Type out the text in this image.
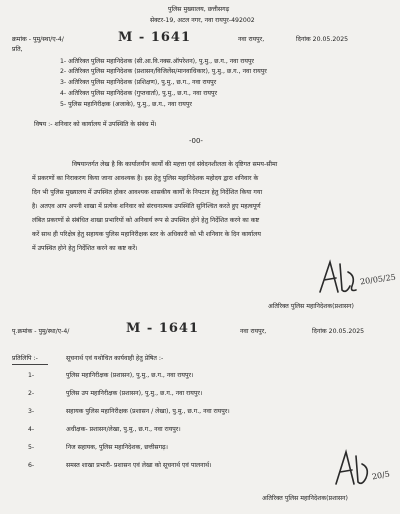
पुलिस मुख्यालय, छत्तीसगढ़
सेक्टर-19, अटल नगर, नवा रायपुर-492002
क्रमांक - पुमु/स्था/ए-4/	M - 1641	नवा रायपुर,	दिनांक 20.05.2025
प्रति,
1- अतिरिक्त पुलिस महानिदेशक (सी.आ.वि.नक्स.ऑपरेशन), पु.मु., छ.ग., नवा रायपुर
2- अतिरिक्त पुलिस महानिदेशक (प्रशासन/विजिलेंस/मानवाधिकार), पु.मु., छ.ग., नवा रायपुर
3- अतिरिक्त पुलिस महानिदेशक (प्रशिक्षण), पु.मु., छ.ग., नवा रायपुर
4- अतिरिक्त पुलिस महानिदेशक (गुप्तवार्ता), पु.मु., छ.ग., नवा रायपुर
5- पुलिस महानिरीक्षक (अजाके), पु.मु., छ.ग., नवा रायपुर
विषय :- शनिवार को कार्यालय में उपस्थिति के संबंध में।
-00-
विषयान्तर्गत लेख है कि कार्यालयीन कार्यों की महत्ता एवं संवेदनशीलता के दृष्टिगत समय-सीमा
में प्रकरणों का निराकरण किया जाना आवश्यक है। इस हेतु पुलिस महानिदेशक महोदय द्वारा शनिवार के
दिन भी पुलिस मुख्यालय में उपस्थित होकर आवश्यक शासकीय कार्यों के निपटान हेतु निर्देशित किया गया
है। अतएव आप अपनी शाखा में प्रत्येक शनिवार को संरचनात्मक उपस्थिति सुनिश्चित करते हुए महत्वपूर्ण
लंबित प्रकरणों से संबंधित शाखा प्रभारियों को अनिवार्य रूप से उपस्थित होने हेतु निर्देशित करने का कष्ट
करें साथ ही परिक्षेत्र हेतु सहायक पुलिस महानिरीक्षक स्तर के अधिकारी को भी शनिवार के दिन कार्यालय
में उपस्थित होने हेतु निर्देशित करने का कष्ट करें।
20/05/25
अतिरिक्त पुलिस महानिदेशक(प्रशासन)
पृ.क्रमांक - पुमु/स्था/ए-4/	M - 1641	नवा रायपुर,	दिनांक 20.05.2025
प्रतिलिपि :-	सूचनार्थ एवं यथोचित कार्यवाही हेतु प्रेषित :-
1-	पुलिस महानिरीक्षक (प्रशासन), पु.मु., छ.ग., नवा रायपुर।
2-	पुलिस उप महानिरीक्षक (प्रशासन), पु.मु., छ.ग., नवा रायपुर।
3-	सहायक पुलिस महानिरीक्षक (प्रशासन / लेखा), पु.मु., छ.ग., नवा रायपुर।
4-	अधीक्षक- प्रशासन/लेखा, पु.मु., छ.ग., नवा रायपुर।
5-	निज सहायक, पुलिस महानिदेशक, छत्तीसगढ़।
6-	समस्त शाखा प्रभारी- प्रशासन एवं लेखा को सूचनार्थ एवं पालनार्थ।
20/5
अतिरिक्त पुलिस महानिदेशक(प्रशासन)
